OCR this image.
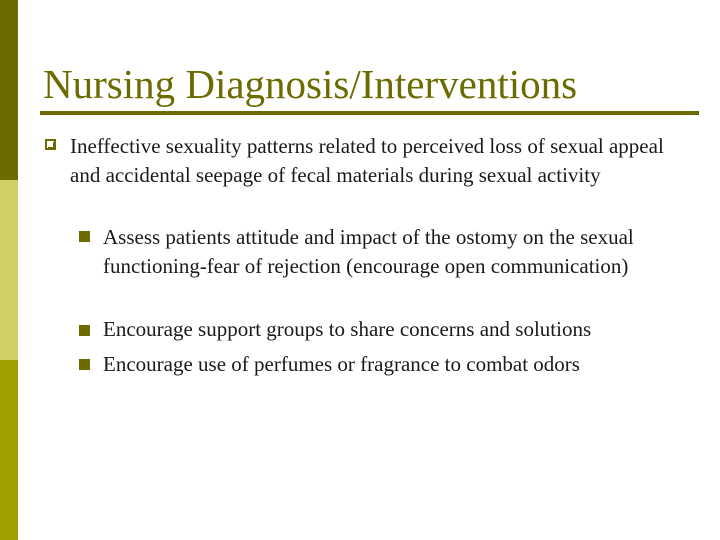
Nursing Diagnosis/Interventions
Ineffective sexuality patterns related to perceived loss of sexual appeal and accidental seepage of fecal materials during sexual activity
Assess patients attitude and impact of the ostomy on the sexual functioning-fear of rejection (encourage open communication)
Encourage support groups to share concerns and solutions
Encourage use of perfumes or fragrance to combat odors
